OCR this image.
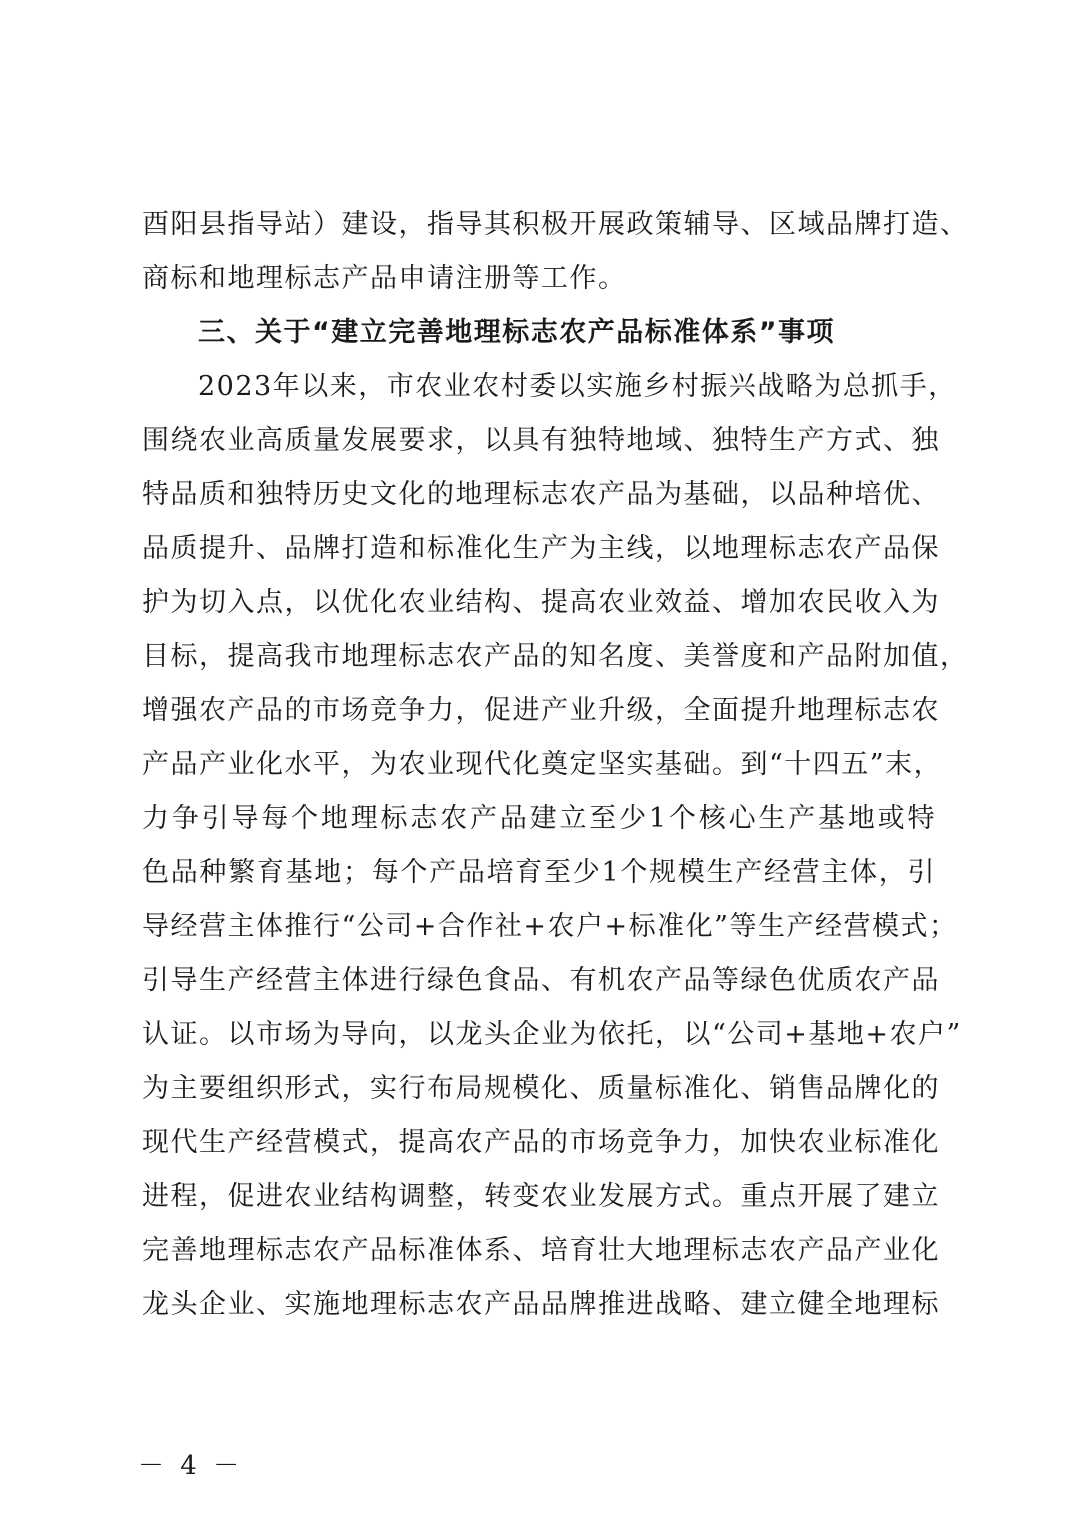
酉阳县指导站）建设，指导其积极开展政策辅导、区域品牌打造、
商标和地理标志产品申请注册等工作。
三、关于“建立完善地理标志农产品标准体系”事项
2023年以来，市农业农村委以实施乡村振兴战略为总抓手，
围绕农业高质量发展要求，以具有独特地域、独特生产方式、独
特品质和独特历史文化的地理标志农产品为基础，以品种培优、
品质提升、品牌打造和标准化生产为主线，以地理标志农产品保
护为切入点，以优化农业结构、提高农业效益、增加农民收入为
目标，提高我市地理标志农产品的知名度、美誉度和产品附加值，
增强农产品的市场竞争力，促进产业升级，全面提升地理标志农
产品产业化水平，为农业现代化奠定坚实基础。到“十四五”末，
力争引导每个地理标志农产品建立至少1个核心生产基地或特
色品种繁育基地；每个产品培育至少1个规模生产经营主体，引
导经营主体推行“公司+合作社+农户+标准化”等生产经营模式；
引导生产经营主体进行绿色食品、有机农产品等绿色优质农产品
认证。以市场为导向，以龙头企业为依托，以“公司+基地+农户”
为主要组织形式，实行布局规模化、质量标准化、销售品牌化的
现代生产经营模式，提高农产品的市场竞争力，加快农业标准化
进程，促进农业结构调整，转变农业发展方式。重点开展了建立
完善地理标志农产品标准体系、培育壮大地理标志农产品产业化
龙头企业、实施地理标志农产品品牌推进战略、建立健全地理标
－ 4 －
